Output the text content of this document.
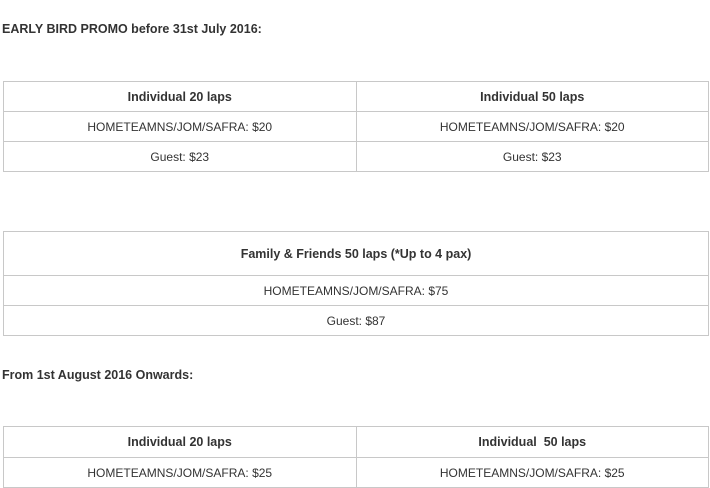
EARLY BIRD PROMO before 31st July 2016:
Individual 20 laps	Individual 50 laps
HOMETEAMNS/JOM/SAFRA: $20	HOMETEAMNS/JOM/SAFRA: $20
Guest: $23	Guest: $23
Family & Friends 50 laps (*Up to 4 pax)
HOMETEAMNS/JOM/SAFRA: $75
Guest: $87
From 1st August 2016 Onwards:
Individual 20 laps	Individual  50 laps
HOMETEAMNS/JOM/SAFRA: $25	HOMETEAMNS/JOM/SAFRA: $25
